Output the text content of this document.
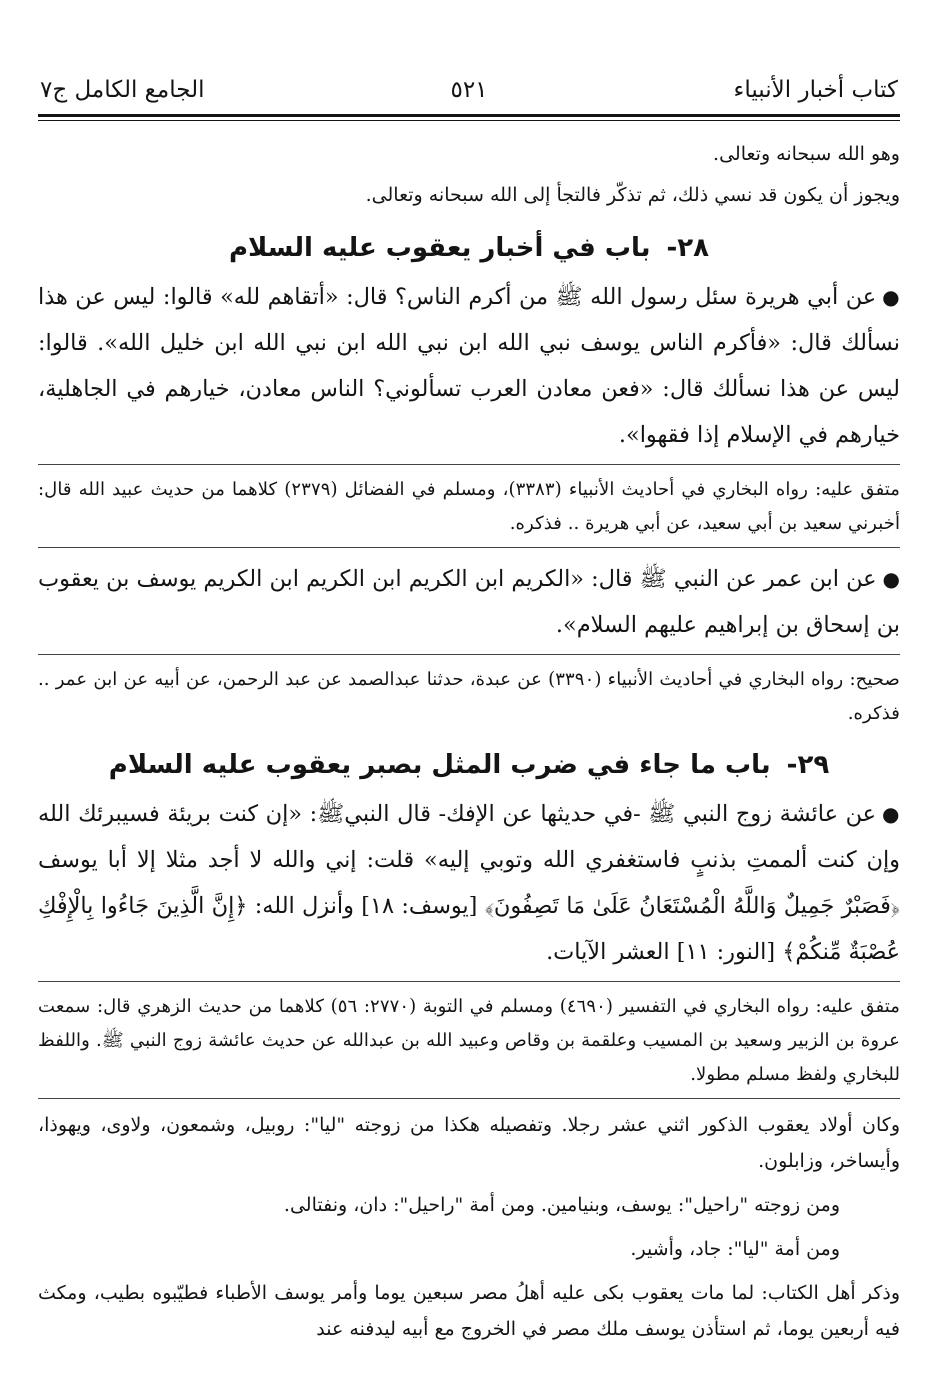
كتاب أخبار الأنبياء
٥٢١
الجامع الكامل ج٧

وهو الله سبحانه وتعالى.

ويجوز أن يكون قد نسي ذلك، ثم تذكّر فالتجأ إلى الله سبحانه وتعالى.

٢٨-باب في أخبار يعقوب عليه السلام

●عن أبي هريرة سئل رسول الله ﷺ من أكرم الناس؟ قال: «أتقاهم لله» قالوا: ليس عن هذا نسألك قال: «فأكرم الناس يوسف نبي الله ابن نبي الله ابن نبي الله ابن خليل الله». قالوا: ليس عن هذا نسألك قال: «فعن معادن العرب تسألوني؟ الناس معادن، خيارهم في الجاهلية، خيارهم في الإسلام إذا فقهوا».

متفق عليه: رواه البخاري في أحاديث الأنبياء (٣٣٨٣)، ومسلم في الفضائل (٢٣٧٩) كلاهما من حديث عبيد الله قال: أخبرني سعيد بن أبي سعيد، عن أبي هريرة .. فذكره.

●عن ابن عمر عن النبي ﷺ قال: «الكريم ابن الكريم ابن الكريم ابن الكريم يوسف بن يعقوب بن إسحاق بن إبراهيم عليهم السلام».

صحيح: رواه البخاري في أحاديث الأنبياء (٣٣٩٠) عن عبدة، حدثنا عبدالصمد عن عبد الرحمن، عن أبيه عن ابن عمر .. فذكره.

٢٩-باب ما جاء في ضرب المثل بصبر يعقوب عليه السلام

●عن عائشة زوج النبي ﷺ -في حديثها عن الإفك- قال النبيﷺ: «إن كنت بريئة فسيبرئك الله وإن كنت ألممتِ بذنبٍ فاستغفري الله وتوبي إليه» قلت: إني والله لا أجد مثلا إلا أبا يوسف ﴿فَصَبْرٌ جَمِيلٌ وَاللَّهُ الْمُسْتَعَانُ عَلَىٰ مَا تَصِفُونَ﴾ [يوسف: ١٨] وأنزل الله: ﴿إِنَّ الَّذِينَ جَاءُوا بِالْإِفْكِ عُصْبَةٌ مِّنكُمْ﴾ [النور: ١١] العشر الآيات.

متفق عليه: رواه البخاري في التفسير (٤٦٩٠) ومسلم في التوبة (٢٧٧٠: ٥٦) كلاهما من حديث الزهري قال: سمعت عروة بن الزبير وسعيد بن المسيب وعلقمة بن وقاص وعبيد الله بن عبدالله عن حديث عائشة زوج النبي ﷺ. واللفظ للبخاري ولفظ مسلم مطولا.

وكان أولاد يعقوب الذكور اثني عشر رجلا. وتفصيله هكذا من زوجته "ليا": روبيل، وشمعون، ولاوى، ويهوذا، وأيساخر، وزابلون.

ومن زوجته "راحيل": يوسف، وبنيامين. ومن أمة "راحيل": دان، ونفتالى.

ومن أمة "ليا": جاد، وأشير.

وذكر أهل الكتاب: لما مات يعقوب بكى عليه أهلُ مصر سبعين يوما وأمر يوسف الأطباء فطيّبوه بطيب، ومكث فيه أربعين يوما، ثم استأذن يوسف ملك مصر في الخروج مع أبيه ليدفنه عند
